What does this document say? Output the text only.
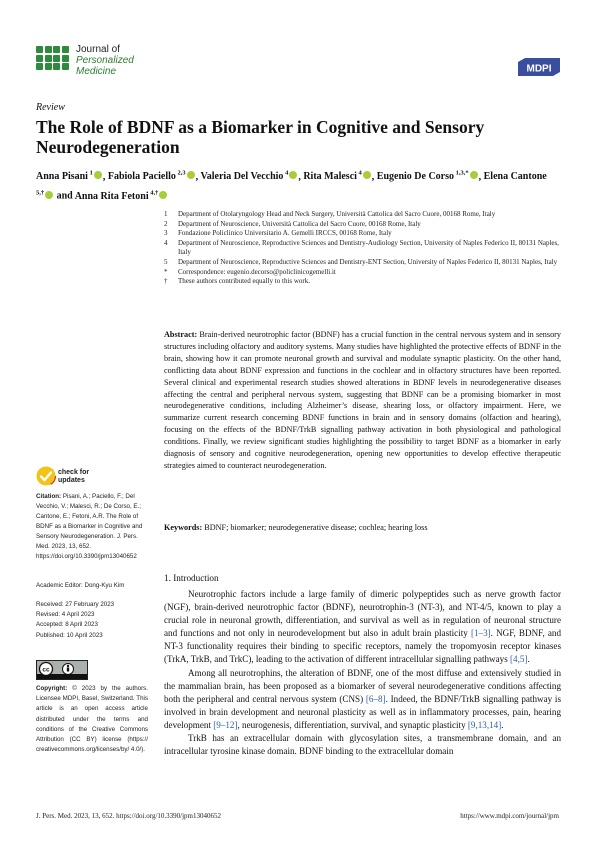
Journal of
Personalized
Medicine	MDPI
Review
The Role of BDNF as a Biomarker in Cognitive and Sensory Neurodegeneration
Anna Pisani $^1$ , Fabiola Paciello $^{2,3}$ , Valeria Del Vecchio $^4$ , Rita Malesci $^4$ , Eugenio De Corso $^{1,3,*}$ , Elena Cantone $^{5,\dagger}$ and Anna Rita Fetoni $^{4,\dagger}$
1	Department of Otolaryngology Head and Neck Surgery, Università Cattolica del Sacro Cuore, 00168 Rome, Italy
2	Department of Neuroscience, Università Cattolica del Sacro Cuore, 00168 Rome, Italy
3	Fondazione Policlinico Universitario A. Gemelli IRCCS, 00168 Rome, Italy
4	Department of Neuroscience, Reproductive Sciences and Dentistry-Audiology Section, University of Naples Federico II, 80131 Naples, Italy
5	Department of Neuroscience, Reproductive Sciences and Dentistry-ENT Section, University of Naples Federico II, 80131 Naples, Italy
*	Correspondence: eugenio.decorso@policlinicogemelli.it
†	These authors contributed equally to this work.
Abstract: Brain-derived neurotrophic factor (BDNF) has a crucial function in the central nervous system and in sensory structures including olfactory and auditory systems. Many studies have highlighted the protective effects of BDNF in the brain, showing how it can promote neuronal growth and survival and modulate synaptic plasticity. On the other hand, conflicting data about BDNF expression and functions in the cochlear and in olfactory structures have been reported. Several clinical and experimental research studies showed alterations in BDNF levels in neurodegenerative diseases affecting the central and peripheral nervous system, suggesting that BDNF can be a promising biomarker in most neurodegenerative conditions, including Alzheimer’s disease, shearing loss, or olfactory impairment. Here, we summarize current research concerning BDNF functions in brain and in sensory domains (olfaction and hearing), focusing on the effects of the BDNF/TrkB signalling pathway activation in both physiological and pathological conditions. Finally, we review significant studies highlighting the possibility to target BDNF as a biomarker in early diagnosis of sensory and cognitive neurodegeneration, opening new opportunities to develop effective therapeutic strategies aimed to counteract neurodegeneration.
Keywords: BDNF; biomarker; neurodegenerative disease; cochlea; hearing loss
check for
updates
Citation: Pisani, A.; Paciello, F.; Del Vecchio, V.; Malesci, R.; De Corso, E.; Cantone, E.; Fetoni, A.R. The Role of BDNF as a Biomarker in Cognitive and Sensory Neurodegeneration. J. Pers. Med. 2023, 13, 652. https://doi.org/10.3390/jpm13040652
Academic Editor: Dong-Kyu Kim
Received: 27 February 2023
Revised: 4 April 2023
Accepted: 8 April 2023
Published: 10 April 2023
cc
Copyright: © 2023 by the authors. Licensee MDPI, Basel, Switzerland. This article is an open access article distributed under the terms and conditions of the Creative Commons Attribution (CC BY) license (https:// creativecommons.org/licenses/by/ 4.0/).
1. Introduction

Neurotrophic factors include a large family of dimeric polypeptides such as nerve growth factor (NGF), brain-derived neurotrophic factor (BDNF), neurotrophin-3 (NT-3), and NT-4/5, known to play a crucial role in neuronal growth, differentiation, and survival as well as in regulation of neuronal structure and functions and not only in neurodevelopment but also in adult brain plasticity [1–3]. NGF, BDNF, and NT-3 functionality requires their binding to specific receptors, namely the tropomyosin receptor kinases (TrkA, TrkB, and TrkC), leading to the activation of different intracellular signalling pathways [4,5].

Among all neurotrophins, the alteration of BDNF, one of the most diffuse and extensively studied in the mammalian brain, has been proposed as a biomarker of several neurodegenerative conditions affecting both the peripheral and central nervous system (CNS) [6–8]. Indeed, the BDNF/TrkB signalling pathway is involved in brain development and neuronal plasticity as well as in inflammatory processes, pain, hearing development [9–12], neurogenesis, differentiation, survival, and synaptic plasticity [9,13,14].

TrkB has an extracellular domain with glycosylation sites, a transmembrane domain, and an intracellular tyrosine kinase domain. BDNF binding to the extracellular domain

J. Pers. Med. 2023, 13, 652. https://doi.org/10.3390/jpm13040652	https://www.mdpi.com/journal/jpm
